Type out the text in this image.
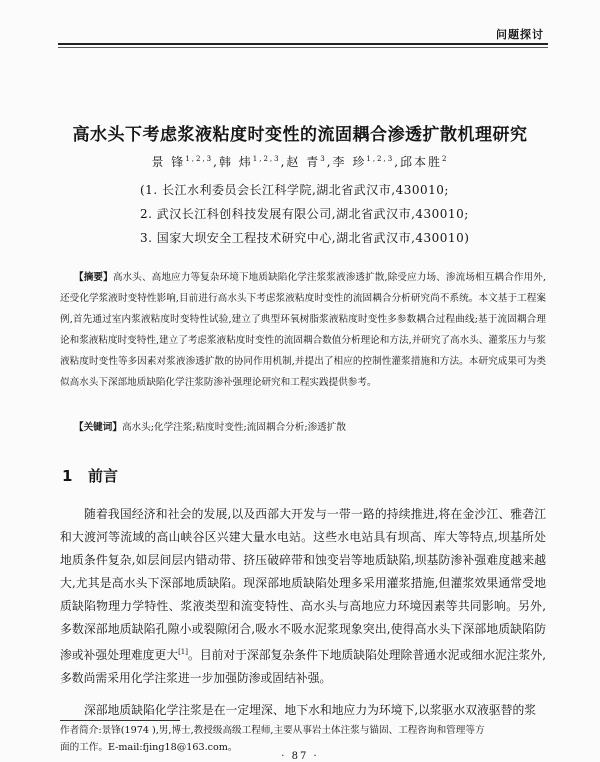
问题探讨
高水头下考虑浆液粘度时变性的流固耦合渗透扩散机理研究
景 锋$^{1,2,3}$,韩 炜$^{1,2,3}$,赵 青$^3$,李 珍$^{1,2,3}$,邱本胜$^2$
(1. 长江水利委员会长江科学院,湖北省武汉市,430010;
2. 武汉长江科创科技发展有限公司,湖北省武汉市,430010;
3. 国家大坝安全工程技术研究中心,湖北省武汉市,430010)
【摘要】高水头、高地应力等复杂环境下地质缺陷化学注浆浆液渗透扩散,除受应力场、渗流场相互耦合作用外,还受化学浆液时变特性影响,目前进行高水头下考虑浆液粘度时变性的流固耦合分析研究尚不系统。本文基于工程案例,首先通过室内浆液粘度时变特性试验,建立了典型环氧树脂浆液粘度时变性多参数耦合过程曲线;基于流固耦合理论和浆液粘度时变特性,建立了考虑浆液粘度时变性的流固耦合数值分析理论和方法,并研究了高水头、灌浆压力与浆液粘度时变性等多因素对浆液渗透扩散的协同作用机制,并提出了相应的控制性灌浆措施和方法。本研究成果可为类似高水头下深部地质缺陷化学注浆防渗补强理论研究和工程实践提供参考。
【关键词】高水头;化学注浆;粘度时变性;流固耦合分析;渗透扩散
1 前言

随着我国经济和社会的发展,以及西部大开发与一带一路的持续推进,将在金沙江、雅砻江和大渡河等流域的高山峡谷区兴建大量水电站。这些水电站具有坝高、库大等特点,坝基所处地质条件复杂,如层间层内错动带、挤压破碎带和蚀变岩等地质缺陷,坝基防渗补强难度越来越大,尤其是高水头下深部地质缺陷。现深部地质缺陷处理多采用灌浆措施,但灌浆效果通常受地质缺陷物理力学特性、浆液类型和流变特性、高水头与高地应力环境因素等共同影响。另外,多数深部地质缺陷孔隙小或裂隙闭合,吸水不吸水泥浆现象突出,使得高水头下深部地质缺陷防渗或补强处理难度更大[1]。目前对于深部复杂条件下地质缺陷处理除普通水泥或细水泥注浆外,多数尚需采用化学注浆进一步加强防渗或固结补强。

深部地质缺陷化学注浆是在一定埋深、地下水和地应力为环境下,以浆驱水双液驱替的浆

作者简介:景锋(1974 ),男,博士,教授级高级工程师,主要从事岩土体注浆与锚固、工程咨询和管理等方
面的工作。E-mail:fjing18@163.com。
· 87 ·
